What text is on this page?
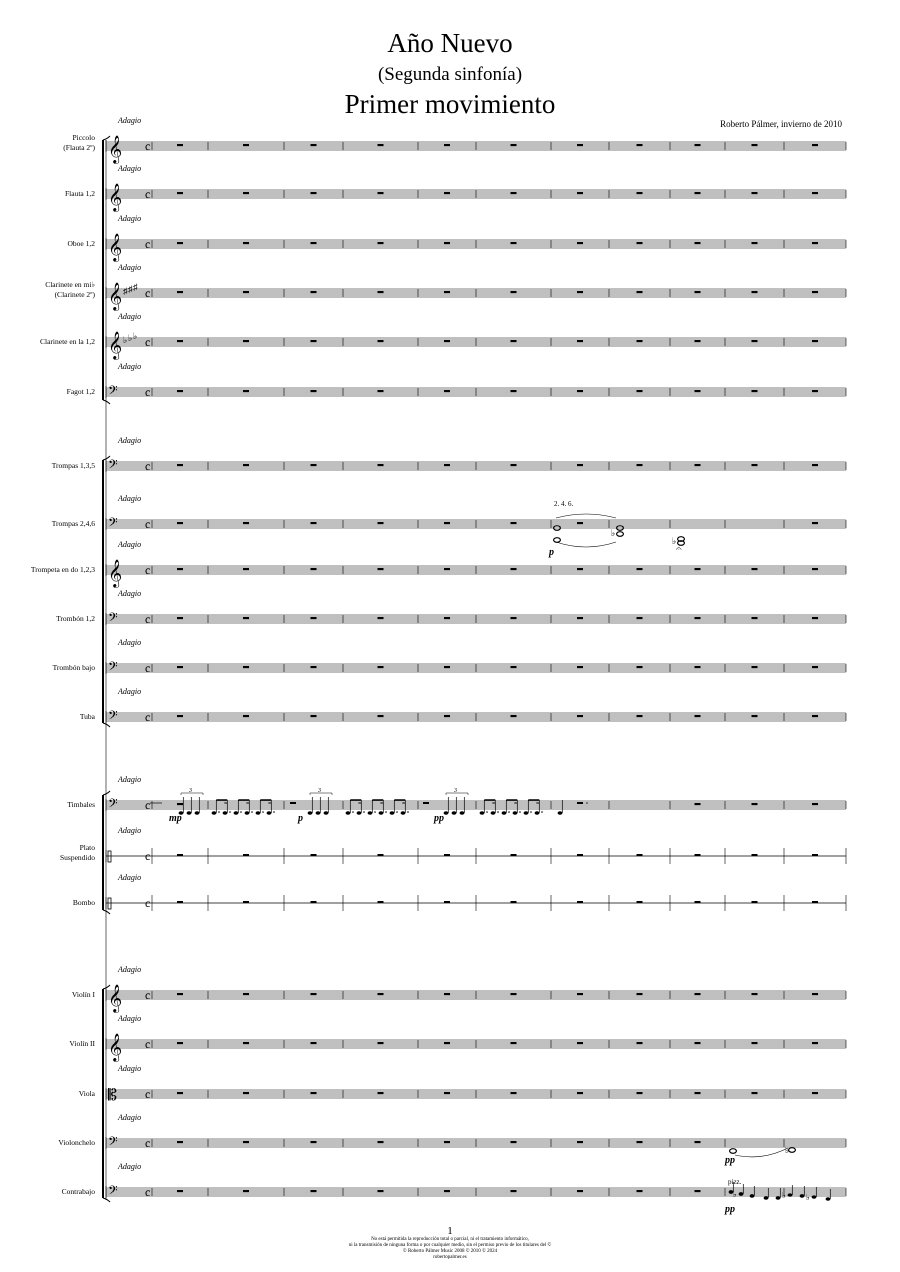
Año Nuevo
(Segunda sinfonía)
Primer movimiento
Roberto Pálmer, invierno de 2010
Piccolo
(Flauta 2º)
Adagio
𝄞 c
Flauta 1,2
Adagio
𝄞 c
Oboe 1,2
Adagio
𝄞 c
Clarinete en mi♭
(Clarinete 2º)
Adagio
𝄞 ♯ ♯ ♯ c
Clarinete en la 1,2
Adagio
𝄞 ♭ ♭ ♭ c
Fagot 1,2
Adagio
𝄢 c
Trompas 1,3,5
Adagio
𝄢 c
Trompas 2,4,6
Adagio
𝄢 c
Trompeta en do 1,2,3
Adagio
𝄞 c
Trombón 1,2
Adagio
𝄢 c
Trombón bajo
Adagio
𝄢 c
Tuba
Adagio
𝄢 c
Timbales
Adagio
𝄢 c
Plato
Suspendido
Adagio
c
Bombo
Adagio
c
Violín I
Adagio
𝄞 c
Violín II
Adagio
𝄞 c
Viola
Adagio
𝄡 c
Violonchelo
Adagio
𝄢 c
Contrabajo
Adagio
𝄢 c
2. 4. 6.
♭
p
♭
𝄐
3
mp
3
p
3
pp
♭
pp
pizz.
♭	♭	♭
pp
1
No está permitida la reproducción total o parcial, ni el tratamiento informático,
ni la transmisión de ninguna forma o por cualquier medio, sin el permiso previo de los titulares del ©
© Roberto Pálmer Music 2008 © 2010 © 2024
robertopalmer.es
